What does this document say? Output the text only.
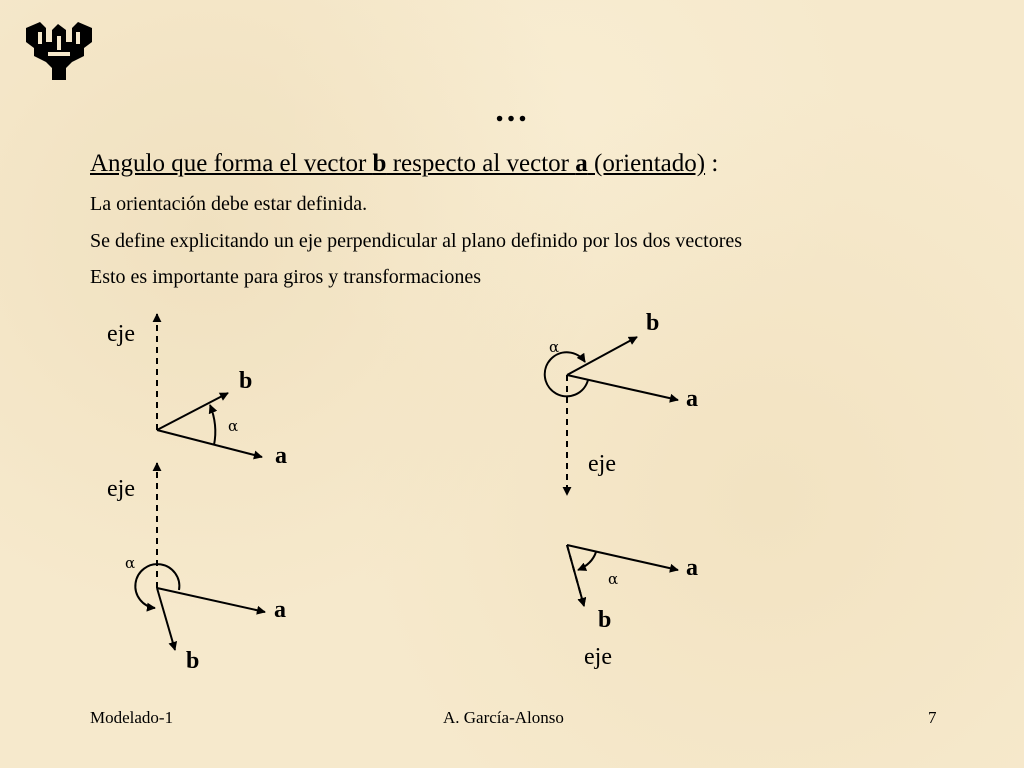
…
Angulo que forma el vector b respecto al vector a (orientado) :
La orientación debe estar definida.
Se define explicitando un eje perpendicular al plano definido por los dos vectores
Esto es importante para giros y transformaciones
eje
b
a
α
eje
a
b
α
eje
b
a
α
eje
a
b
α
Modelado-1	A. García-Alonso	7
